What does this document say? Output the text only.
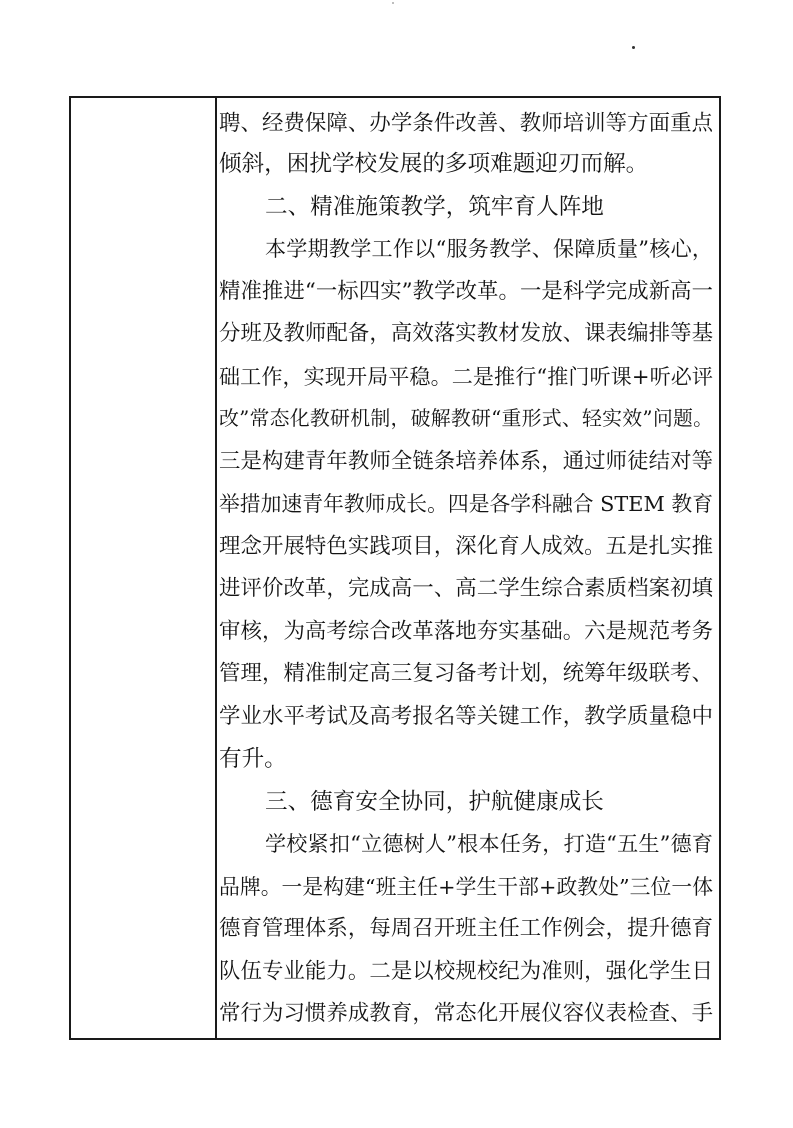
聘、经费保障、办学条件改善、教师培训等方面重点
倾斜，困扰学校发展的多项难题迎刃而解。
二、精准施策教学，筑牢育人阵地
本学期教学工作以“服务教学、保障质量”核心，
精准推进“一标四实”教学改革。一是科学完成新高一
分班及教师配备，高效落实教材发放、课表编排等基
础工作，实现开局平稳。二是推行“推门听课+听必评
改”常态化教研机制，破解教研“重形式、轻实效”问题。
三是构建青年教师全链条培养体系，通过师徒结对等
举措加速青年教师成长。四是各学科融合 STEM 教育
理念开展特色实践项目，深化育人成效。五是扎实推
进评价改革，完成高一、高二学生综合素质档案初填
审核，为高考综合改革落地夯实基础。六是规范考务
管理，精准制定高三复习备考计划，统筹年级联考、
学业水平考试及高考报名等关键工作，教学质量稳中
有升。
三、德育安全协同，护航健康成长
学校紧扣“立德树人”根本任务，打造“五生”德育
品牌。一是构建“班主任+学生干部+政教处”三位一体
德育管理体系，每周召开班主任工作例会，提升德育
队伍专业能力。二是以校规校纪为准则，强化学生日
常行为习惯养成教育，常态化开展仪容仪表检查、手
